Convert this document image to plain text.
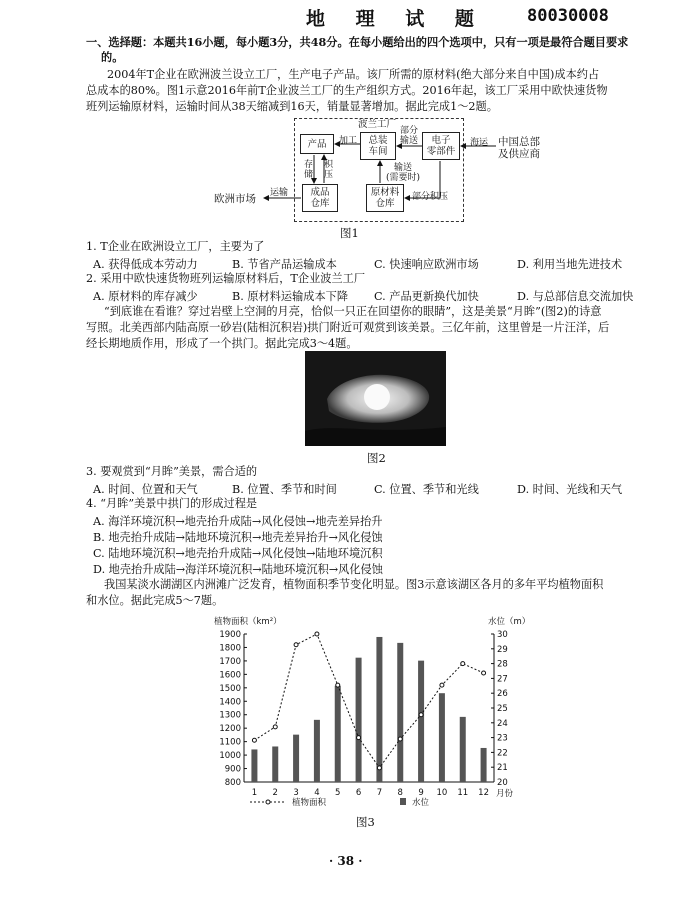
地 理 试 题 80030008
一、选择题：本题共16小题，每小题3分，共48分。在每小题给出的四个选项中，只有一项是最符合题目要求
的。
2004年T企业在欧洲波兰设立工厂，生产电子产品。该厂所需的原材料(绝大部分来自中国)成本约占
总成本的80%。图1示意2016年前T企业波兰工厂的生产组织方式。2016年起，该工厂采用中欧快速货物
班列运输原材料，运输时间从38天缩减到16天，销量显著增加。据此完成1～2题。
波兰工厂
产品	总装
车间
电子
零部件
成品
仓库
原材料
仓库
中国总部
及供应商
欧洲市场
加工
部分
输送	海运
存
储
积
压
输送
(需要时)
部分积压
运输
图1
1. T企业在欧洲设立工厂，主要为了
A. 获得低成本劳动力	B. 节省产品运输成本	C. 快速响应欧洲市场	D. 利用当地先进技术
2. 采用中欧快速货物班列运输原材料后，T企业波兰工厂
A. 原材料的库存减少	B. 原材料运输成本下降 C. 产品更新换代加快	D. 与总部信息交流加快
“到底谁在看谁？穿过岩壁上空洞的月亮，恰似一只正在回望你的眼睛”，这是美景“月眸”(图2)的诗意
写照。北美西部内陆高原一砂岩(陆相沉积岩)拱门附近可观赏到该美景。三亿年前，这里曾是一片汪洋，后
经长期地质作用，形成了一个拱门。据此完成3～4题。
图2
3. 要观赏到“月眸”美景，需合适的
A. 时间、位置和天气	B. 位置、季节和时间	C. 位置、季节和光线	D. 时间、光线和天气
4. “月眸”美景中拱门的形成过程是
A. 海洋环境沉积→地壳抬升成陆→风化侵蚀→地壳差异抬升
B. 地壳抬升成陆→陆地环境沉积→地壳差异抬升→风化侵蚀
C. 陆地环境沉积→地壳抬升成陆→风化侵蚀→陆地环境沉积
D. 地壳抬升成陆→海洋环境沉积→陆地环境沉积→风化侵蚀
我国某淡水湖湖区内洲滩广泛发育，植物面积季节变化明显。图3示意该湖区各月的多年平均植物面积
和水位。据此完成5～7题。
800
900
1000
1100
1200
1300
1400
1500
1600
1700
1800
1900
20
21
22
23
24
25
26
27
28
29
30
植物面积（km²）	水位（m）
月份
1 2 3 4 5 6 7 8 9 10 11 12
植物面积	水位
图3
· 38 ·
